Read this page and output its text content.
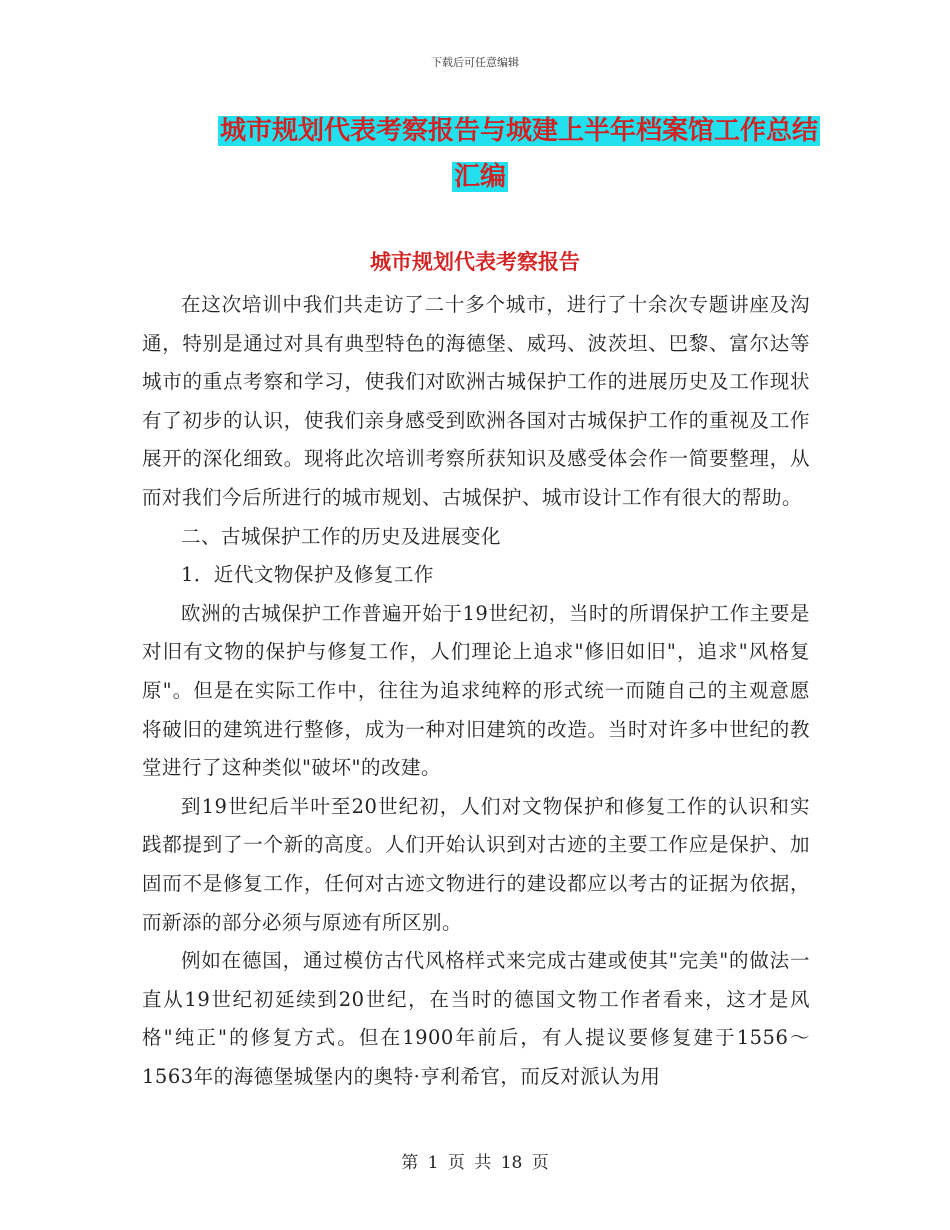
下载后可任意编辑
城市规划代表考察报告与城建上半年档案馆工作总结
汇编
城市规划代表考察报告

在这次培训中我们共走访了二十多个城市，进行了十余次专题讲座及沟通，特别是通过对具有典型特色的海德堡、威玛、波茨坦、巴黎、富尔达等城市的重点考察和学习，使我们对欧洲古城保护工作的进展历史及工作现状有了初步的认识，使我们亲身感受到欧洲各国对古城保护工作的重视及工作展开的深化细致。现将此次培训考察所获知识及感受体会作一简要整理，从而对我们今后所进行的城市规划、古城保护、城市设计工作有很大的帮助。

二、古城保护工作的历史及进展变化

1．近代文物保护及修复工作

欧洲的古城保护工作普遍开始于19世纪初，当时的所谓保护工作主要是对旧有文物的保护与修复工作，人们理论上追求"修旧如旧"，追求"风格复原"。但是在实际工作中，往往为追求纯粹的形式统一而随自己的主观意愿将破旧的建筑进行整修，成为一种对旧建筑的改造。当时对许多中世纪的教堂进行了这种类似"破坏"的改建。

到19世纪后半叶至20世纪初，人们对文物保护和修复工作的认识和实践都提到了一个新的高度。人们开始认识到对古迹的主要工作应是保护、加固而不是修复工作，任何对古迹文物进行的建设都应以考古的证据为依据，而新添的部分必须与原迹有所区别。

例如在德国，通过模仿古代风格样式来完成古建或使其"完美"的做法一直从19世纪初延续到20世纪，在当时的德国文物工作者看来，这才是风格"纯正"的修复方式。但在1900年前后，有人提议要修复建于1556～1563年的海德堡城堡内的奥特·亨利希官，而反对派认为用

第 1 页 共 18 页
